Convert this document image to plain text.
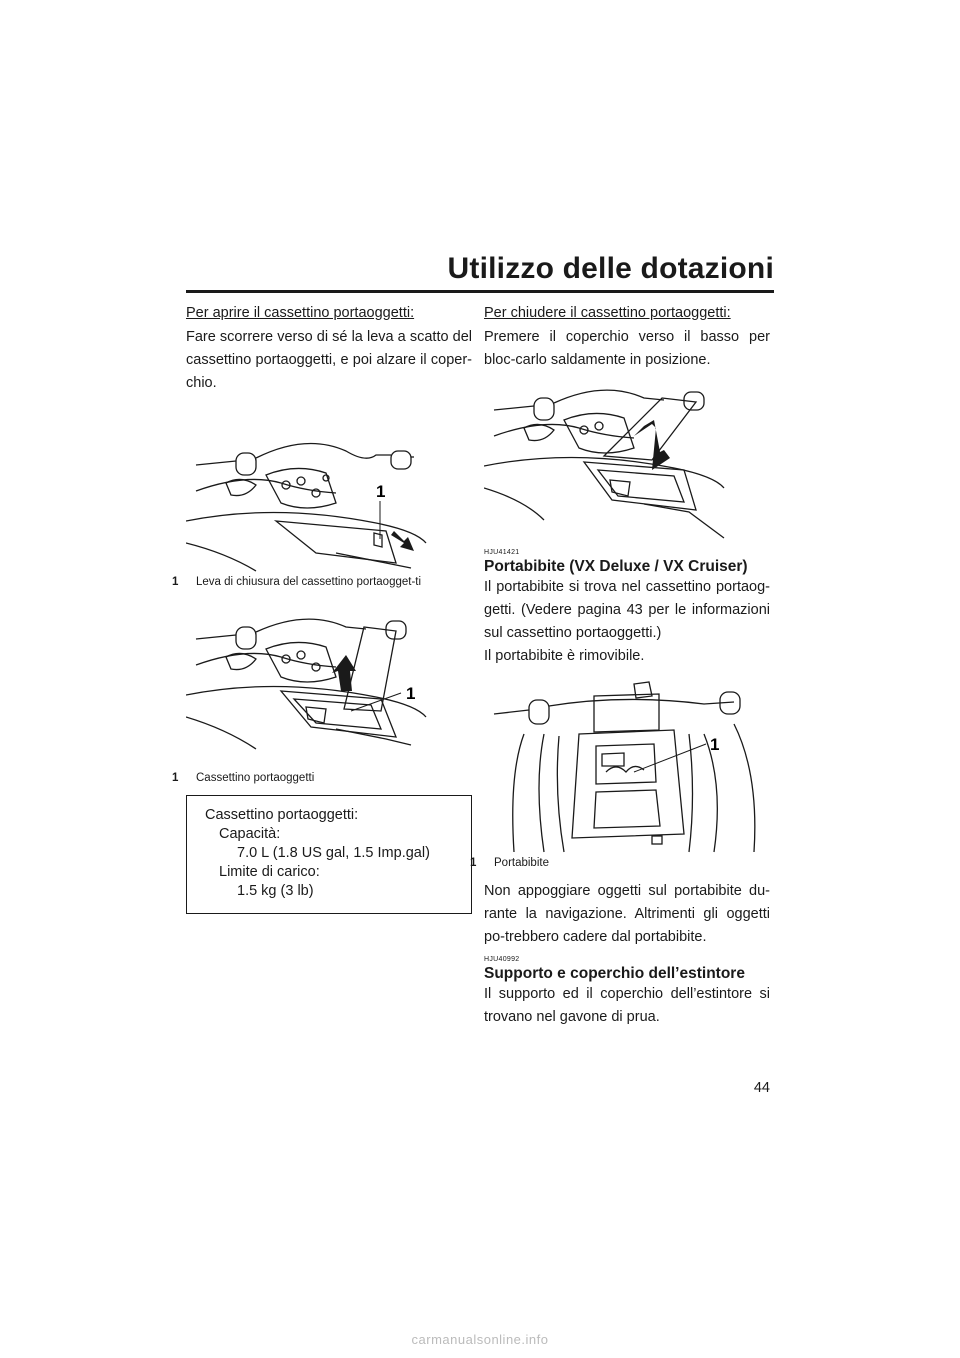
Utilizzo delle dotazioni

Per aprire il cassettino portaoggetti:

Fare scorrere verso di sé la leva a scatto del cassettino portaoggetti, e poi alzare il coper-chio.

1

1 Leva di chiusura del cassettino portaogget-ti

1

1 Cassettino portaoggetti

Cassettino portaoggetti:
Capacità:
7.0 L (1.8 US gal, 1.5 Imp.gal)
Limite di carico:
1.5 kg (3 lb)

Per chiudere il cassettino portaoggetti:

Premere il coperchio verso il basso per bloc-carlo saldamente in posizione.

HJU41421

Portabibite (VX Deluxe / VX Cruiser)

Il portabibite si trova nel cassettino portaog-getti. (Vedere pagina 43 per le informazioni sul cassettino portaoggetti.)

Il portabibite è rimovibile.

1

1 Portabibite

Non appoggiare oggetti sul portabibite du-rante la navigazione. Altrimenti gli oggetti po-trebbero cadere dal portabibite.

HJU40992

Supporto e coperchio dell’estintore

Il supporto ed il coperchio dell’estintore si trovano nel gavone di prua.

44
carmanualsonline.info
